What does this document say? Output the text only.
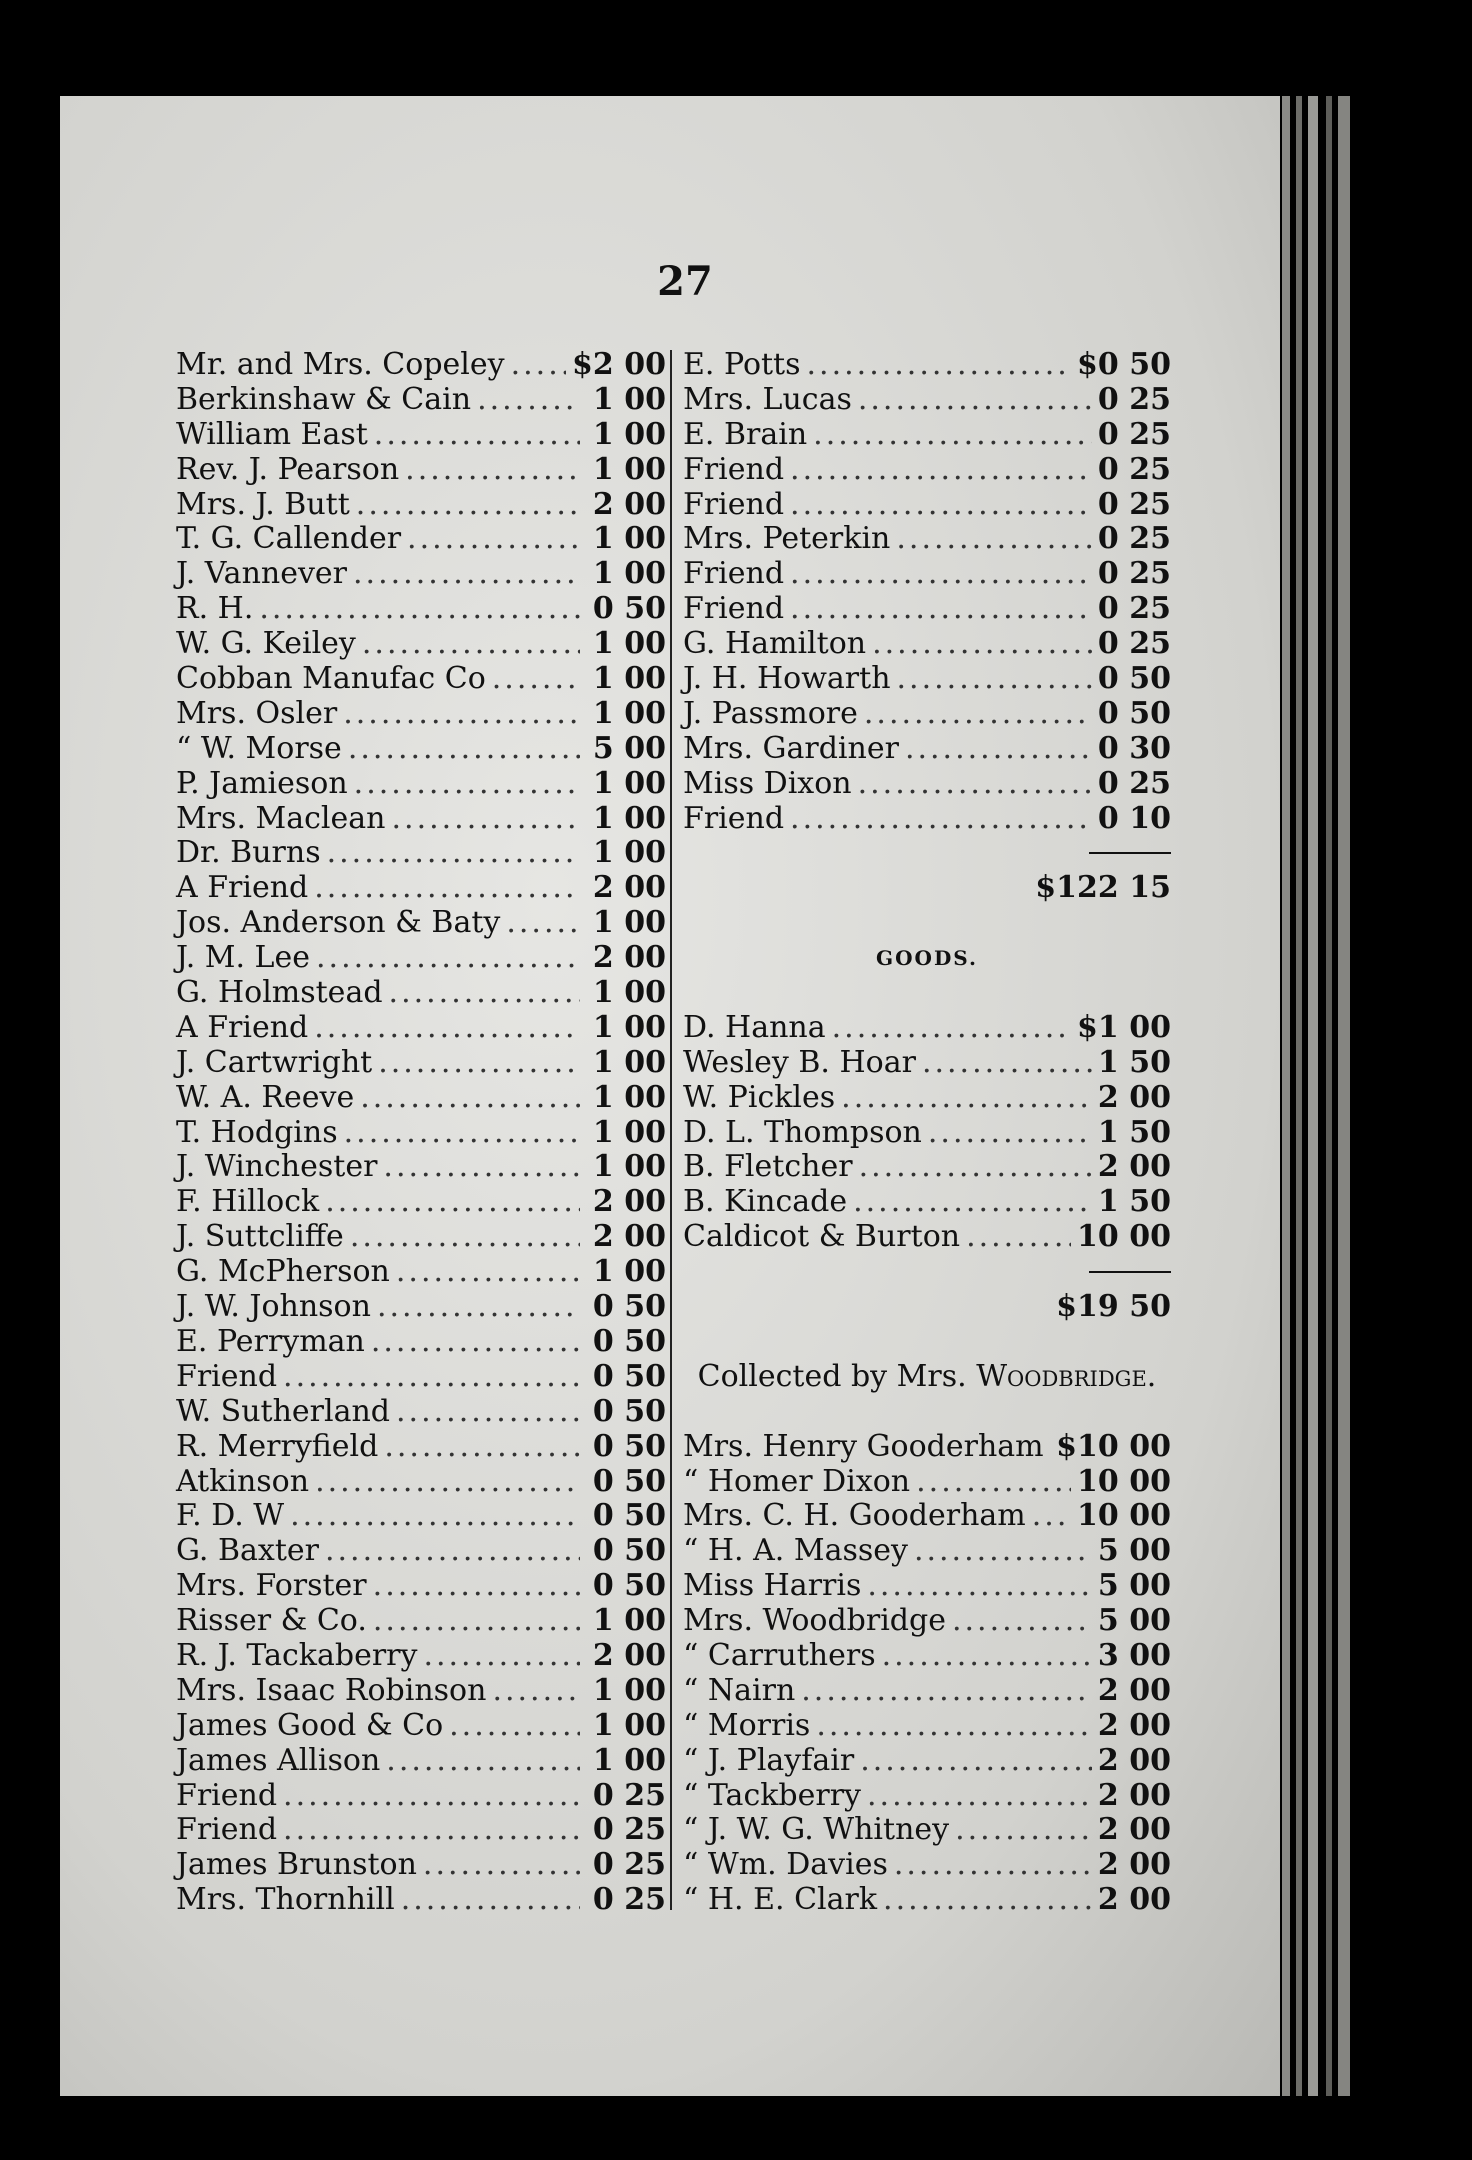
27
Mr. and Mrs. Copeley ..... $2 00
Berkinshaw & Cain .....	1 00
William East .....	1 00
Rev. J. Pearson .....	1 00
Mrs. J. Butt .....	2 00
T. G. Callender .....	1 00
J. Vannever .....	1 00
R. H. .....	0 50
W. G. Keiley .....	1 00
Cobban Manufac Co .....	1 00
Mrs. Osler .....	1 00
“ W. Morse .....	5 00
P. Jamieson .....	1 00
Mrs. Maclean .....	1 00
Dr. Burns .....	1 00
A Friend .....	2 00
Jos. Anderson & Baty .....	1 00
J. M. Lee .....	2 00
G. Holmstead .....	1 00
A Friend .....	1 00
J. Cartwright .....	1 00
W. A. Reeve .....	1 00
T. Hodgins .....	1 00
J. Winchester .....	1 00
F. Hillock .....	2 00
J. Suttcliffe .....	2 00
G. McPherson .....	1 00
J. W. Johnson .....	0 50
E. Perryman .....	0 50
Friend .....	0 50
W. Sutherland .....	0 50
R. Merryfield .....	0 50
Atkinson .....	0 50
F. D. W .....	0 50
G. Baxter .....	0 50
Mrs. Forster .....	0 50
Risser & Co. .....	1 00
R. J. Tackaberry .....	2 00
Mrs. Isaac Robinson .....	1 00
James Good & Co .....	1 00
James Allison .....	1 00
Friend .....	0 25
Friend .....	0 25
James Brunston .....	0 25
Mrs. Thornhill .....	0 25
E. Potts .....	$0 50
Mrs. Lucas .....	0 25
E. Brain .....	0 25
Friend .....	0 25
Friend .....	0 25
Mrs. Peterkin .....	0 25
Friend .....	0 25
Friend .....	0 25
G. Hamilton .....	0 25
J. H. Howarth .....	0 50
J. Passmore .....	0 50
Mrs. Gardiner .....	0 30
Miss Dixon .....	0 25
Friend .....	0 10
$122 15
GOODS.
D. Hanna .....	$1 00
Wesley B. Hoar .....	1 50
W. Pickles .....	2 00
D. L. Thompson .....	1 50
B. Fletcher .....	2 00
B. Kincade .....	1 50
Caldicot & Burton .....	10 00
$19 50
Collected by Mrs. Woodbridge.
Mrs. Henry Gooderham ..... $10 00
“ Homer Dixon .....	10 00
Mrs. C. H. Gooderham ..... 10 00
“ H. A. Massey .....	5 00
Miss Harris .....	5 00
Mrs. Woodbridge .....	5 00
“ Carruthers .....	3 00
“ Nairn .....	2 00
“ Morris .....	2 00
“ J. Playfair .....	2 00
“ Tackberry .....	2 00
“ J. W. G. Whitney .....	2 00
“ Wm. Davies .....	2 00
“ H. E. Clark .....	2 00
